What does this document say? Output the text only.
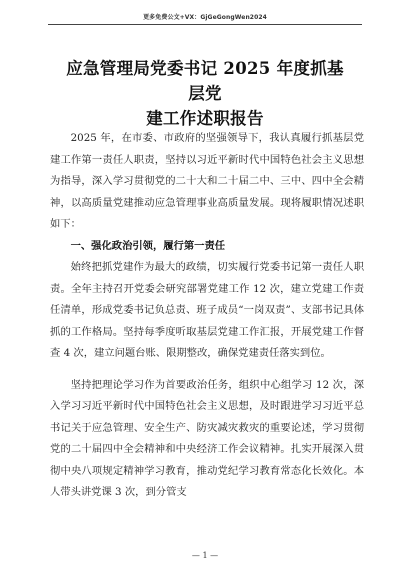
更多免费公文+VX：GjGeGongWen2024
应急管理局党委书记 2025 年度抓基层党
建工作述职报告

2025 年，在市委、市政府的坚强领导下，我认真履行抓基层党建工作第一责任人职责，坚持以习近平新时代中国特色社会主义思想为指导，深入学习贯彻党的二十大和二十届二中、三中、四中全会精神，以高质量党建推动应急管理事业高质量发展。现将履职情况述职如下：

一、强化政治引领，履行第一责任

始终把抓党建作为最大的政绩，切实履行党委书记第一责任人职责。全年主持召开党委会研究部署党建工作 12 次，建立党建工作责任清单，形成党委书记负总责、班子成员“一岗双责”、支部书记具体抓的工作格局。坚持每季度听取基层党建工作汇报，开展党建工作督查 4 次，建立问题台账、限期整改，确保党建责任落实到位。

坚持把理论学习作为首要政治任务，组织中心组学习 12 次，深入学习习近平新时代中国特色社会主义思想，及时跟进学习习近平总书记关于应急管理、安全生产、防灾减灾救灾的重要论述，学习贯彻党的二十届四中全会精神和中央经济工作会议精神。扎实开展深入贯彻中央八项规定精神学习教育，推动党纪学习教育常态化长效化。本人带头讲党课 3 次，到分管支

— 1 —
